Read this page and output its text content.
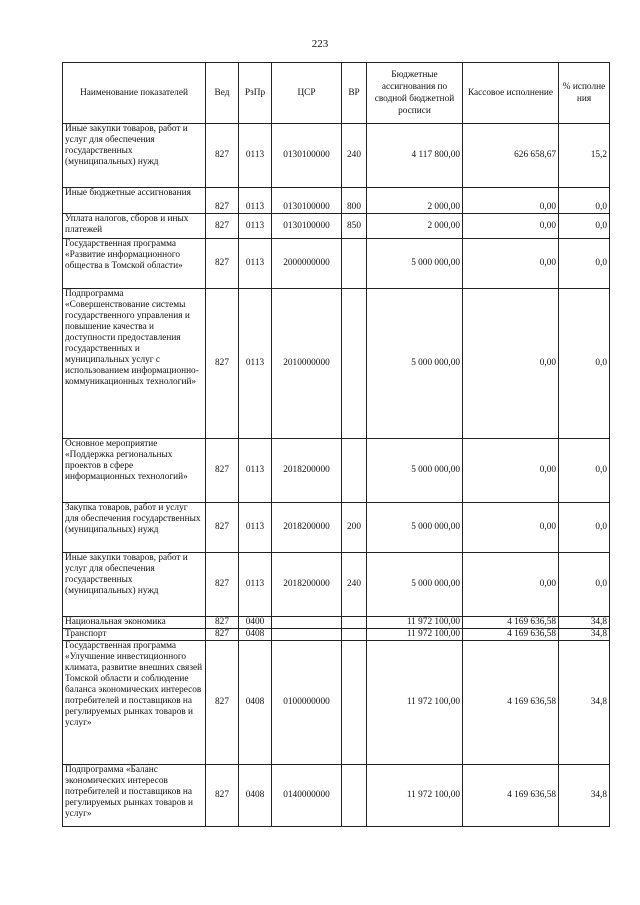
223
Наименование показателей	Вед	РзПр	ЦСР	ВР	Бюджетные ассигнования по сводной бюджетной росписи	Кассовое исполнение	% исполне ния
Иные закупки товаров, работ и услуг для обеспечения государственных (муниципальных) нужд	827	0113	0130100000	240	4 117 800,00	626 658,67	15,2
Иные бюджетные ассигнования	827	0113	0130100000	800	2 000,00	0,00	0,0
Уплата налогов, сборов и иных платежей	827	0113	0130100000	850	2 000,00	0,00	0,0
Государственная программа «Развитие информационного общества в Томской области»	827	0113	2000000000		5 000 000,00	0,00	0,0
Подпрограмма «Совершенствование системы государственного управления и повышение качества и доступности предоставления государственных и муниципальных услуг с использованием информационно-коммуникационных технологий»	827	0113	2010000000		5 000 000,00	0,00	0,0
Основное мероприятие «Поддержка региональных проектов в сфере информационных технологий»	827	0113	2018200000		5 000 000,00	0,00	0,0
Закупка товаров, работ и услуг для обеспечения государственных (муниципальных) нужд	827	0113	2018200000	200	5 000 000,00	0,00	0,0
Иные закупки товаров, работ и услуг для обеспечения государственных (муниципальных) нужд	827	0113	2018200000	240	5 000 000,00	0,00	0,0
Национальная экономика	827	0400			11 972 100,00	4 169 636,58	34,8
Транспорт	827	0408			11 972 100,00	4 169 636,58	34,8
Государственная программа «Улучшение инвестиционного климата, развитие внешних связей Томской области и соблюдение баланса экономических интересов потребителей и поставщиков на регулируемых рынках товаров и услуг»	827	0408	0100000000		11 972 100,00	4 169 636,58	34,8
Подпрограмма «Баланс экономических интересов потребителей и поставщиков на регулируемых рынках товаров и услуг»	827	0408	0140000000		11 972 100,00	4 169 636,58	34,8
